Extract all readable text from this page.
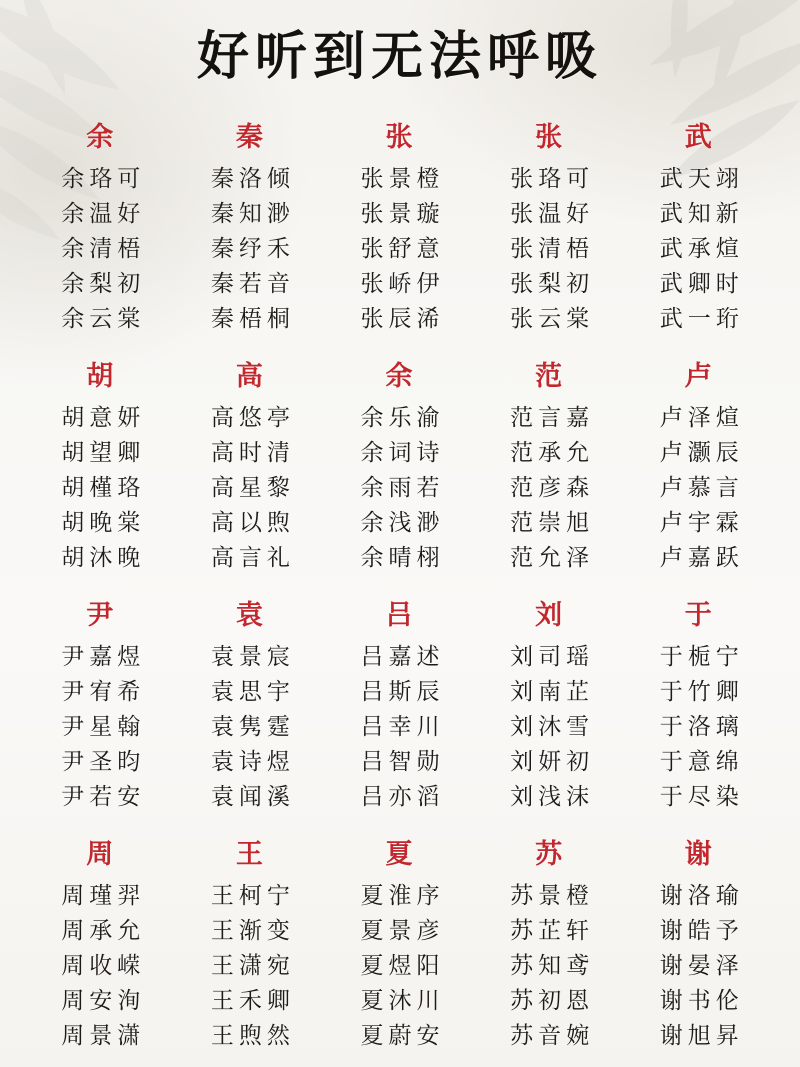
好听到无法呼吸
余
余珞可
余温好
余清梧
余梨初
余云棠
秦
秦洛倾
秦知渺
秦纾禾
秦若音
秦梧桐
张
张景橙
张景璇
张舒意
张峤伊
张辰浠
张
张珞可
张温好
张清梧
张梨初
张云棠
武
武天翊
武知新
武承煊
武卿时
武一珩
胡
胡意妍
胡望卿
胡槿珞
胡晚棠
胡沐晚
高
高悠亭
高时清
高星黎
高以煦
高言礼
余
余乐渝
余词诗
余雨若
余浅渺
余晴栩
范
范言嘉
范承允
范彦森
范崇旭
范允泽
卢
卢泽煊
卢灏辰
卢慕言
卢宇霖
卢嘉跃
尹
尹嘉煜
尹宥希
尹星翰
尹圣昀
尹若安
袁
袁景宸
袁思宇
袁隽霆
袁诗煜
袁闻溪
吕
吕嘉述
吕斯辰
吕幸川
吕智勋
吕亦滔
刘
刘司瑶
刘南芷
刘沐雪
刘妍初
刘浅沫
于
于栀宁
于竹卿
于洛璃
于意绵
于尽染
周
周瑾羿
周承允
周收嵘
周安洵
周景潇
王
王柯宁
王渐变
王潇宛
王禾卿
王煦然
夏
夏淮序
夏景彦
夏煜阳
夏沐川
夏蔚安
苏
苏景橙
苏芷轩
苏知鸢
苏初恩
苏音婉
谢
谢洛瑜
谢皓予
谢晏泽
谢书伦
谢旭昇
